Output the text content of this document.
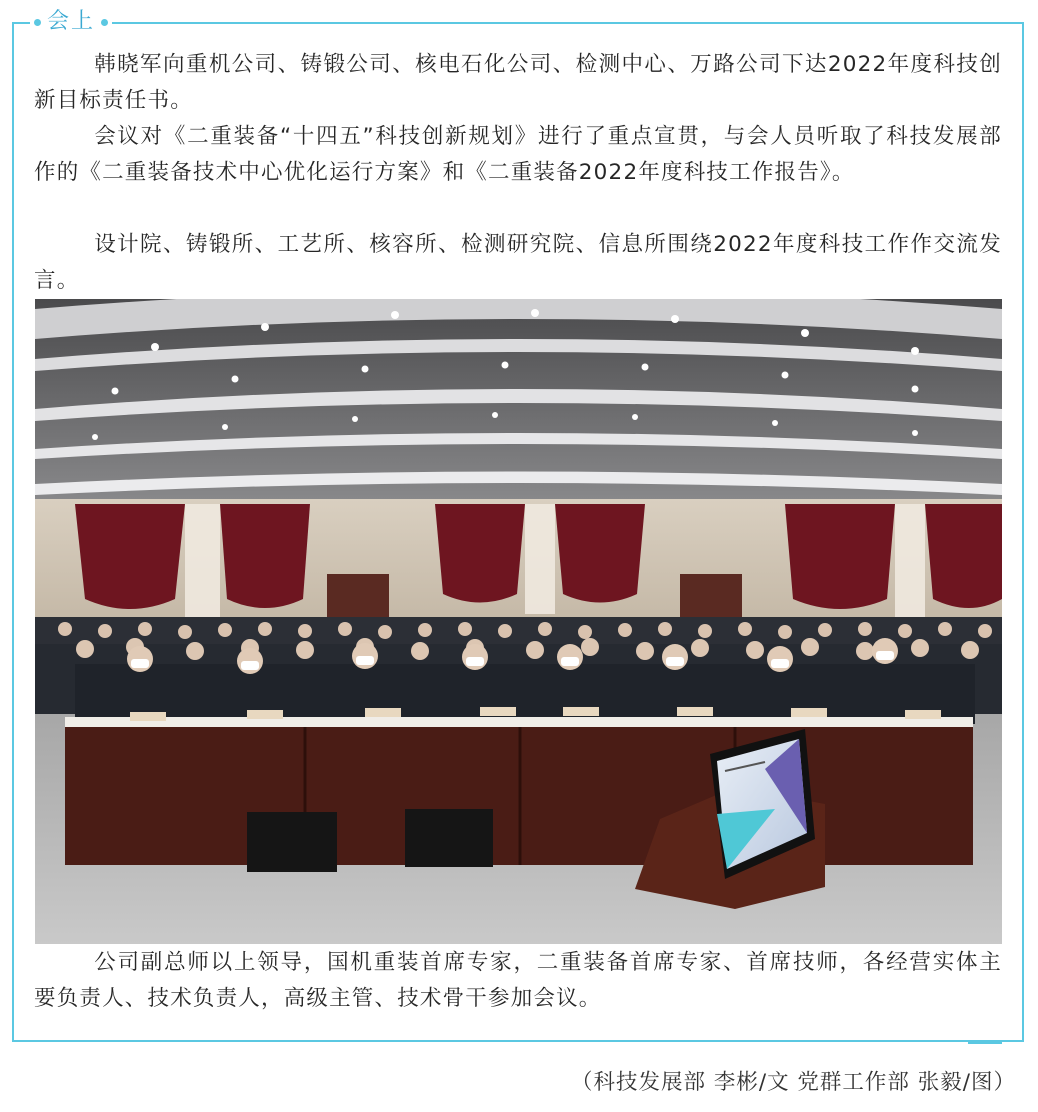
会上

韩晓军向重机公司、铸锻公司、核电石化公司、检测中心、万路公司下达2022年度科技创新目标责任书。

会议对《二重装备“十四五”科技创新规划》进行了重点宣贯，与会人员听取了科技发展部作的《二重装备技术中心优化运行方案》和《二重装备2022年度科技工作报告》。

设计院、铸锻所、工艺所、核容所、检测研究院、信息所围绕2022年度科技工作作交流发言。

公司副总师以上领导，国机重装首席专家，二重装备首席专家、首席技师，各经营实体主要负责人、技术负责人，高级主管、技术骨干参加会议。

（科技发展部 李彬/文 党群工作部 张毅/图）
